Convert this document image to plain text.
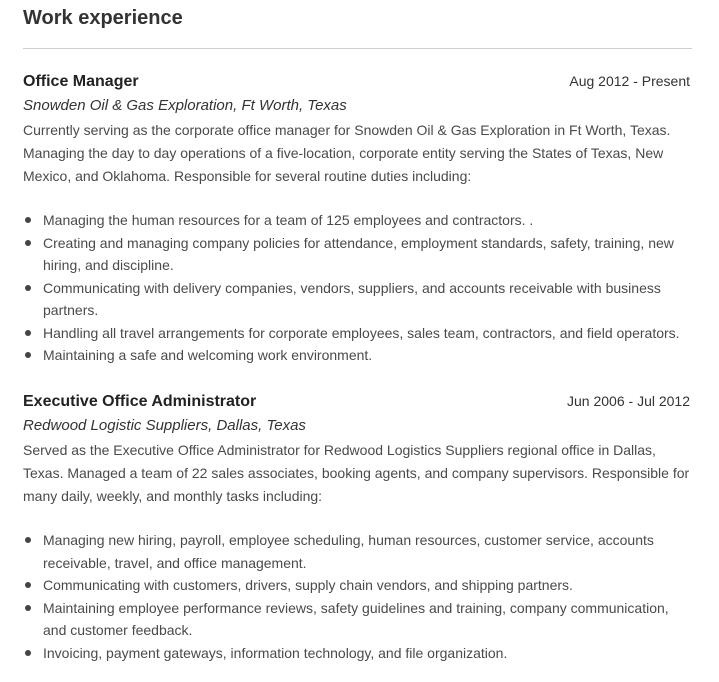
Work experience
Office Manager	Aug 2012 - Present
Snowden Oil & Gas Exploration, Ft Worth, Texas
Currently serving as the corporate office manager for Snowden Oil & Gas Exploration in Ft Worth, Texas. Managing the day to day operations of a five-location, corporate entity serving the States of Texas, New Mexico, and Oklahoma. Responsible for several routine duties including:
Managing the human resources for a team of 125 employees and contractors. .
Creating and managing company policies for attendance, employment standards, safety, training, new hiring, and discipline.
Communicating with delivery companies, vendors, suppliers, and accounts receivable with business partners.
Handling all travel arrangements for corporate employees, sales team, contractors, and field operators.
Maintaining a safe and welcoming work environment.
Executive Office Administrator	Jun 2006 - Jul 2012
Redwood Logistic Suppliers, Dallas, Texas
Served as the Executive Office Administrator for Redwood Logistics Suppliers regional office in Dallas, Texas. Managed a team of 22 sales associates, booking agents, and company supervisors. Responsible for many daily, weekly, and monthly tasks including:
Managing new hiring, payroll, employee scheduling, human resources, customer service, accounts receivable, travel, and office management.
Communicating with customers, drivers, supply chain vendors, and shipping partners.
Maintaining employee performance reviews, safety guidelines and training, company communication, and customer feedback.
Invoicing, payment gateways, information technology, and file organization.
